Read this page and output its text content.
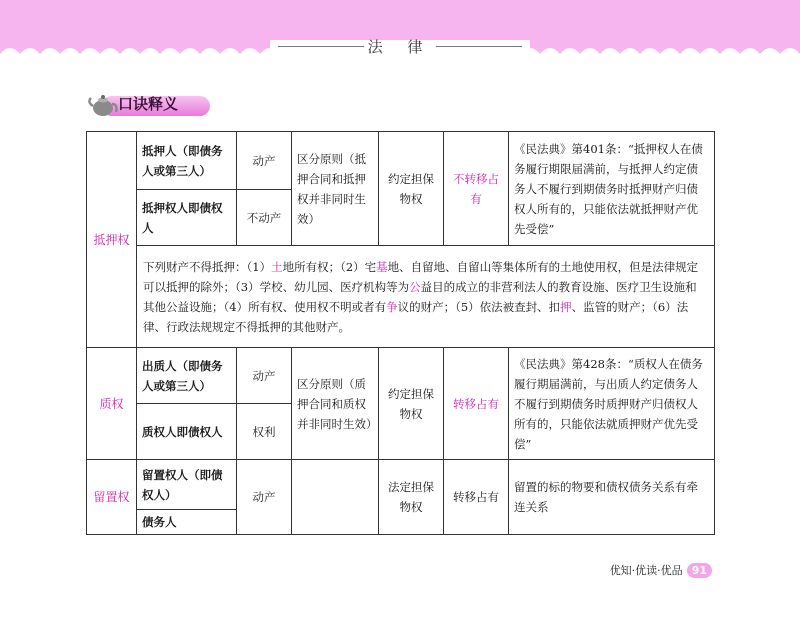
法 律
口诀释义
抵押权	抵押人（即债务人或第三人）	动产	区分原则（抵押合同和抵押权并非同时生效）	约定担保物权	不转移占有	《民法典》第401条：“抵押权人在债务履行期限届满前，与抵押人约定债务人不履行到期债务时抵押财产归债权人所有的，只能依法就抵押财产优先受偿”
	抵押权人即债权人	不动产				
	下列财产不得抵押：（1）土地所有权；（2）宅基地、自留地、自留山等集体所有的土地使用权，但是法律规定可以抵押的除外；（3）学校、幼儿园、医疗机构等为公益目的成立的非营利法人的教育设施、医疗卫生设施和其他公益设施；（4）所有权、使用权不明或者有争议的财产；（5）依法被查封、扣押、监管的财产；（6）法律、行政法规规定不得抵押的其他财产。					
质权	出质人（即债务人或第三人）	动产	区分原则（质押合同和质权并非同时生效）	约定担保物权	转移占有	《民法典》第428条：“质权人在债务履行期届满前，与出质人约定债务人不履行到期债务时质押财产归债权人所有的，只能依法就质押财产优先受偿”
	质权人即债权人	权利				
留置权	留置权人（即债权人）	动产		法定担保物权	转移占有	留置的标的物要和债权债务关系有牵连关系
	债务人					
优知·优读·优品 91
